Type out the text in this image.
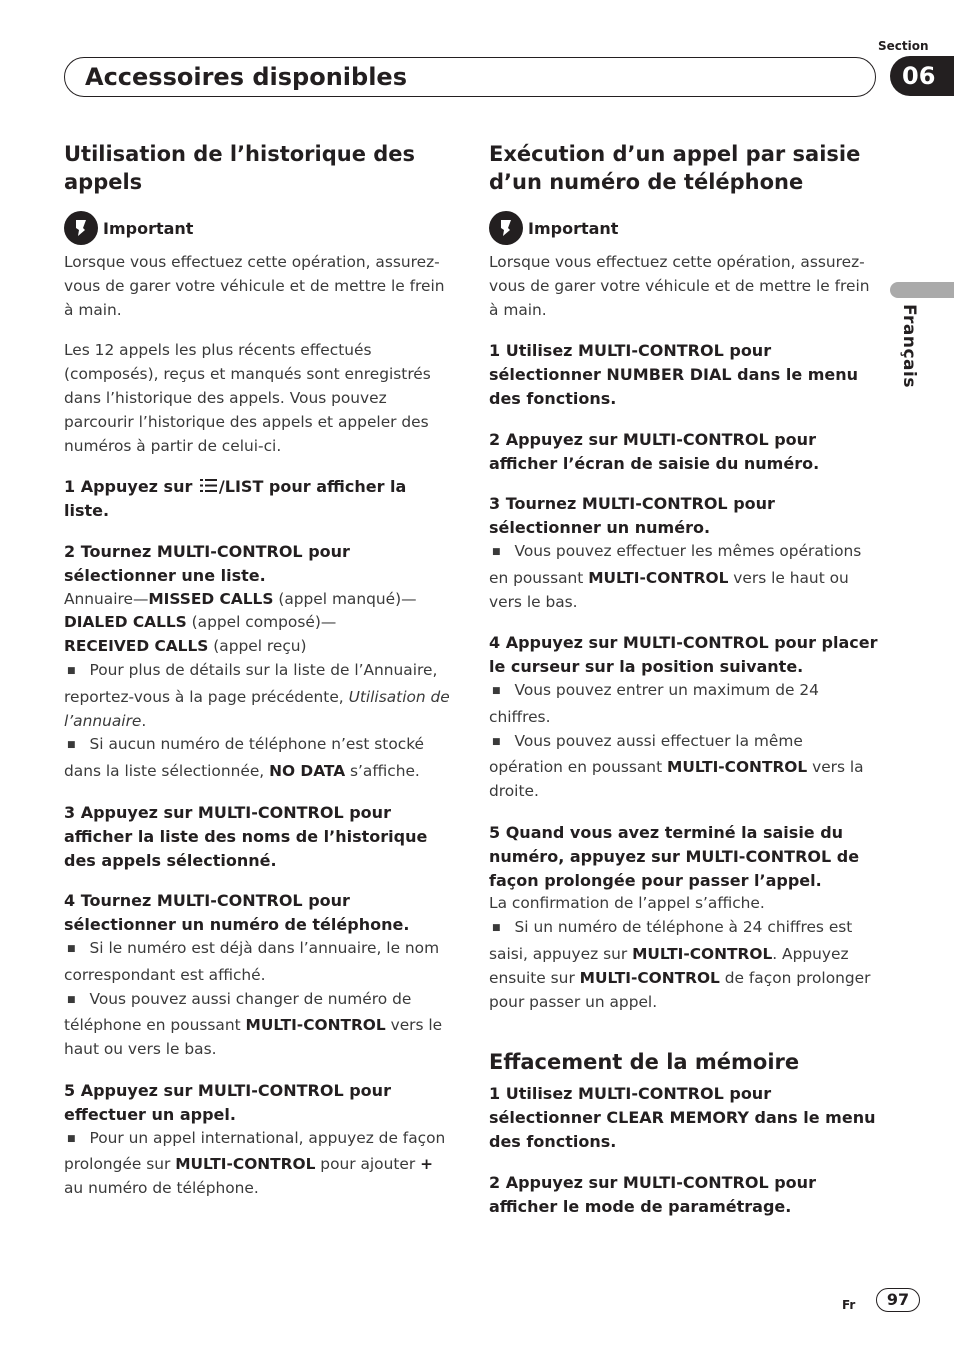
Section
06
Accessoires disponibles
Français
Utilisation de l’historique des appels
Important

Lorsque vous effectuez cette opération, assurez-vous de garer votre véhicule et de mettre le frein à main.

Les 12 appels les plus récents effectués (composés), reçus et manqués sont enregistrés dans l’historique des appels. Vous pouvez parcourir l’historique des appels et appeler des numéros à partir de celui-ci.

1 Appuyez sur /LIST pour afficher la liste.

2 Tournez MULTI-CONTROL pour sélectionner une liste.

Annuaire—MISSED CALLS (appel manqué)—
DIALED CALLS (appel composé)—
RECEIVED CALLS (appel reçu)

■ Pour plus de détails sur la liste de l’Annuaire, reportez-vous à la page précédente, Utilisation de l’annuaire.

■ Si aucun numéro de téléphone n’est stocké dans la liste sélectionnée, NO DATA s’affiche.

3 Appuyez sur MULTI-CONTROL pour afficher la liste des noms de l’historique des appels sélectionné.

4 Tournez MULTI-CONTROL pour sélectionner un numéro de téléphone.

■ Si le numéro est déjà dans l’annuaire, le nom correspondant est affiché.

■ Vous pouvez aussi changer de numéro de téléphone en poussant MULTI-CONTROL vers le haut ou vers le bas.

5 Appuyez sur MULTI-CONTROL pour effectuer un appel.

■ Pour un appel international, appuyez de façon prolongée sur MULTI-CONTROL pour ajouter + au numéro de téléphone.

Exécution d’un appel par saisie d’un numéro de téléphone
Important

Lorsque vous effectuez cette opération, assurez-vous de garer votre véhicule et de mettre le frein à main.

1 Utilisez MULTI-CONTROL pour sélectionner NUMBER DIAL dans le menu des fonctions.

2 Appuyez sur MULTI-CONTROL pour afficher l’écran de saisie du numéro.

3 Tournez MULTI-CONTROL pour sélectionner un numéro.

■ Vous pouvez effectuer les mêmes opérations en poussant MULTI-CONTROL vers le haut ou vers le bas.

4 Appuyez sur MULTI-CONTROL pour placer le curseur sur la position suivante.

■ Vous pouvez entrer un maximum de 24 chiffres.

■ Vous pouvez aussi effectuer la même opération en poussant MULTI-CONTROL vers la droite.

5 Quand vous avez terminé la saisie du numéro, appuyez sur MULTI-CONTROL de façon prolongée pour passer l’appel.

La confirmation de l’appel s’affiche.

■ Si un numéro de téléphone à 24 chiffres est saisi, appuyez sur MULTI-CONTROL. Appuyez ensuite sur MULTI-CONTROL de façon prolonger pour passer un appel.

Effacement de la mémoire

1 Utilisez MULTI-CONTROL pour sélectionner CLEAR MEMORY dans le menu des fonctions.

2 Appuyez sur MULTI-CONTROL pour afficher le mode de paramétrage.

Fr	97
